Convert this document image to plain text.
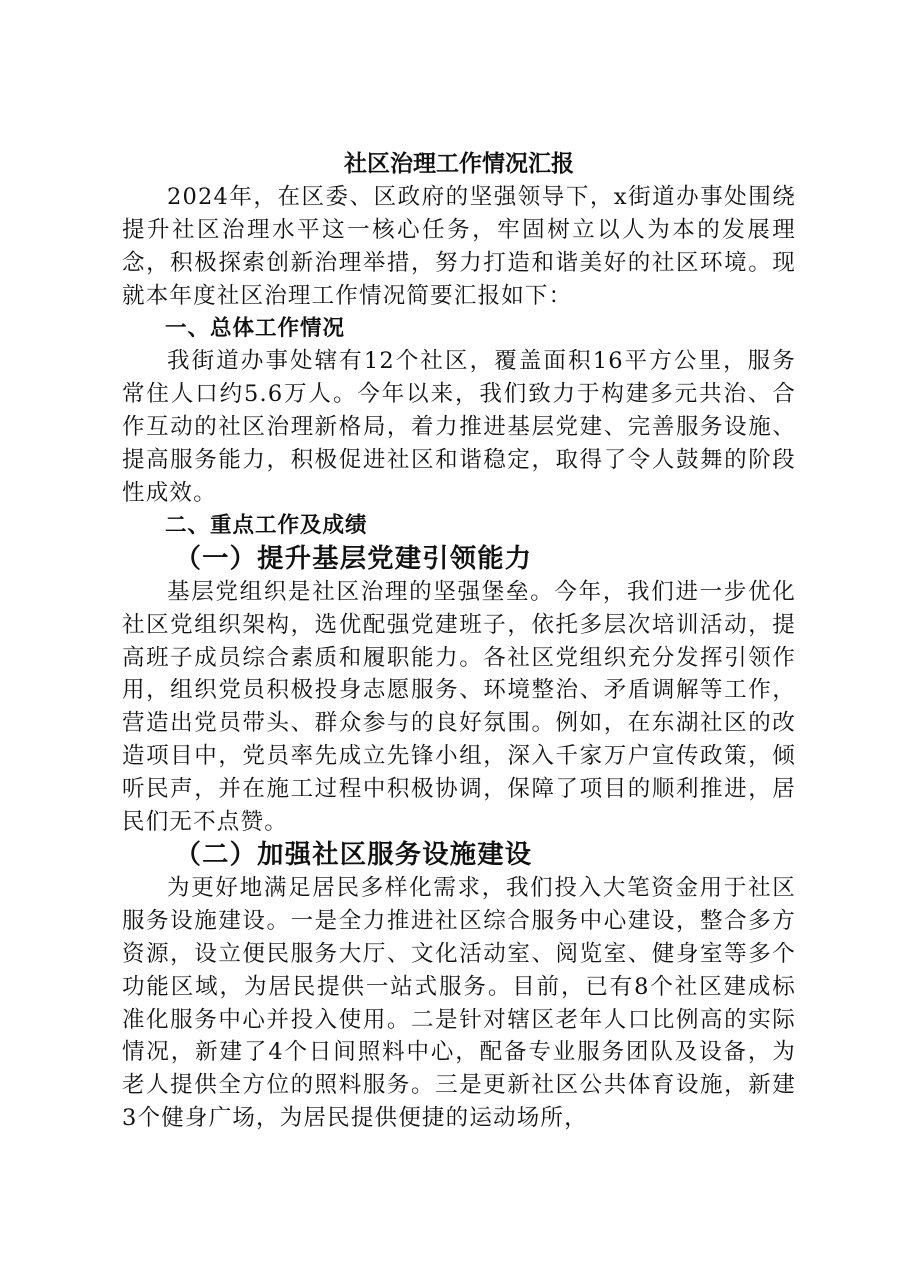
社区治理工作情况汇报

2024年，在区委、区政府的坚强领导下，x街道办事处围绕提升社区治理水平这一核心任务，牢固树立以人为本的发展理念，积极探索创新治理举措，努力打造和谐美好的社区环境。现就本年度社区治理工作情况简要汇报如下：

一、总体工作情况

我街道办事处辖有12个社区，覆盖面积16平方公里，服务常住人口约5.6万人。今年以来，我们致力于构建多元共治、合作互动的社区治理新格局，着力推进基层党建、完善服务设施、提高服务能力，积极促进社区和谐稳定，取得了令人鼓舞的阶段性成效。

二、重点工作及成绩
（一）提升基层党建引领能力

基层党组织是社区治理的坚强堡垒。今年，我们进一步优化社区党组织架构，选优配强党建班子，依托多层次培训活动，提高班子成员综合素质和履职能力。各社区党组织充分发挥引领作用，组织党员积极投身志愿服务、环境整治、矛盾调解等工作，营造出党员带头、群众参与的良好氛围。例如，在东湖社区的改造项目中，党员率先成立先锋小组，深入千家万户宣传政策，倾听民声，并在施工过程中积极协调，保障了项目的顺利推进，居民们无不点赞。

（二）加强社区服务设施建设

为更好地满足居民多样化需求，我们投入大笔资金用于社区服务设施建设。一是全力推进社区综合服务中心建设，整合多方资源，设立便民服务大厅、文化活动室、阅览室、健身室等多个功能区域，为居民提供一站式服务。目前，已有8个社区建成标准化服务中心并投入使用。二是针对辖区老年人口比例高的实际情况，新建了4个日间照料中心，配备专业服务团队及设备，为老人提供全方位的照料服务。三是更新社区公共体育设施，新建3个健身广场，为居民提供便捷的运动场所，
